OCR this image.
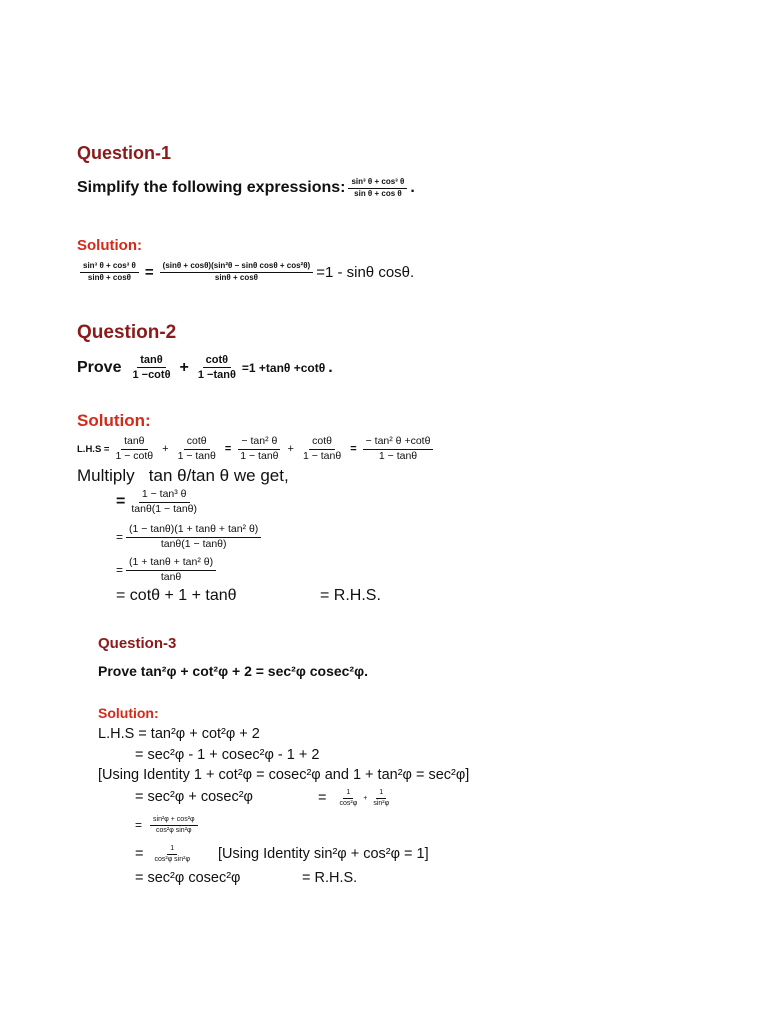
Question-1
Simplify the following expressions: $\frac{\text{sin³ θ + cos³ θ}}{\text{sin θ + cos θ}}$ .
Solution:
$\frac{\text{sin³ θ + cos³ θ}}{\sin\theta + \cos\theta} = \frac{\text{(sinθ + cosθ)(sin²θ − sinθ cosθ + cos²θ)}}{\sin\theta + \cos\theta} =1 - \sin\theta$ cosθ.
Question-2
Prove $\frac{\tan\theta}{1 -\cot\theta} + \frac{\cot\theta}{1 -\tan\theta} =1 +\tan\theta +\cot\theta$ .
Solution:
$L.H.S = \frac{\tan\theta}{1 - \cot\theta} + \frac{\cot\theta}{1 - \tan\theta} = \frac{\text{− tan² θ}}{1 - \tan\theta} + \frac{\cot\theta}{1 - \tan\theta} = \frac{\text{− tan² θ +cotθ}}{1 - \tan\theta}$
Multiply   tan θ/tan θ we get,
= $\frac{\text{1 − tan³ θ}}{\tan\theta(1 - \tan\theta)}$
= $\frac{\text{(1 − tanθ)(1 + tanθ + tan² θ)}}{\tan\theta(1 - \tan\theta)}$
= $\frac{\text{(1 + tanθ + tan² θ)}}{\tan\theta}$
= cotθ + 1 + tanθ	= R.H.S.
Question-3
Prove tan²φ + cot²φ + 2 = sec²φ cosec²φ.
Solution:
L.H.S = tan²φ + cot²φ + 2
= sec²φ - 1 + cosec²φ - 1 + 2
[Using Identity 1 + cot²φ = cosec²φ and 1 + tan²φ = sec²φ]
= sec²φ + cosec²φ	= $\frac{1}{\text{cos²φ}} + \frac{1}{\text{sin²φ}}$
= $\frac{\text{sin²φ + cos²φ}}{\text{cos²φ sin²φ}}$
= $\frac{1}{\text{cos²φ sin²φ}} [Using$ Identity sin²φ + cos²φ = 1]
= sec²φ cosec²φ	= R.H.S.
